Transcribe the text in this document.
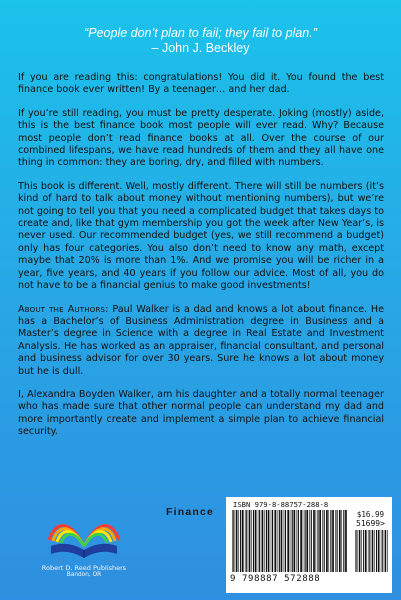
“People don’t plan to fail; they fail to plan.”
– John J. Beckley

If you are reading this: congratulations! You did it. You found the best finance book ever written! By a teenager… and her dad.

If you’re still reading, you must be pretty desperate. Joking (mostly) aside, this is the best finance book most people will ever read. Why? Because most people don’t read finance books at all. Over the course of our combined lifespans, we have read hundreds of them and they all have one thing in common: they are boring, dry, and filled with numbers.

This book is different. Well, mostly different. There will still be numbers (it’s kind of hard to talk about money without mentioning numbers), but we’re not going to tell you that you need a complicated budget that takes days to create and, like that gym membership you got the week after New Year’s, is never used. Our recommended budget (yes, we still recommend a budget) only has four categories. You also don’t need to know any math, except maybe that 20% is more than 1%. And we promise you will be richer in a year, five years, and 40 years if you follow our advice. Most of all, you do not have to be a financial genius to make good investments!

About the Authors: Paul Walker is a dad and knows a lot about finance. He has a Bachelor’s of Business Administration degree in Business and a Master’s degree in Science with a degree in Real Estate and Investment Analysis. He has worked as an appraiser, financial consultant, and personal and business advisor for over 30 years. Sure he knows a lot about money but he is dull.

I, Alexandra Boyden Walker, am his daughter and a totally normal teenager who has made sure that other normal people can understand my dad and more importantly create and implement a simple plan to achieve financial security.

Robert D. Reed Publishers
Bandon, OR
Finance
ISBN 979-8-88757-288-8
$16.99
51699>
9 798887 572888
